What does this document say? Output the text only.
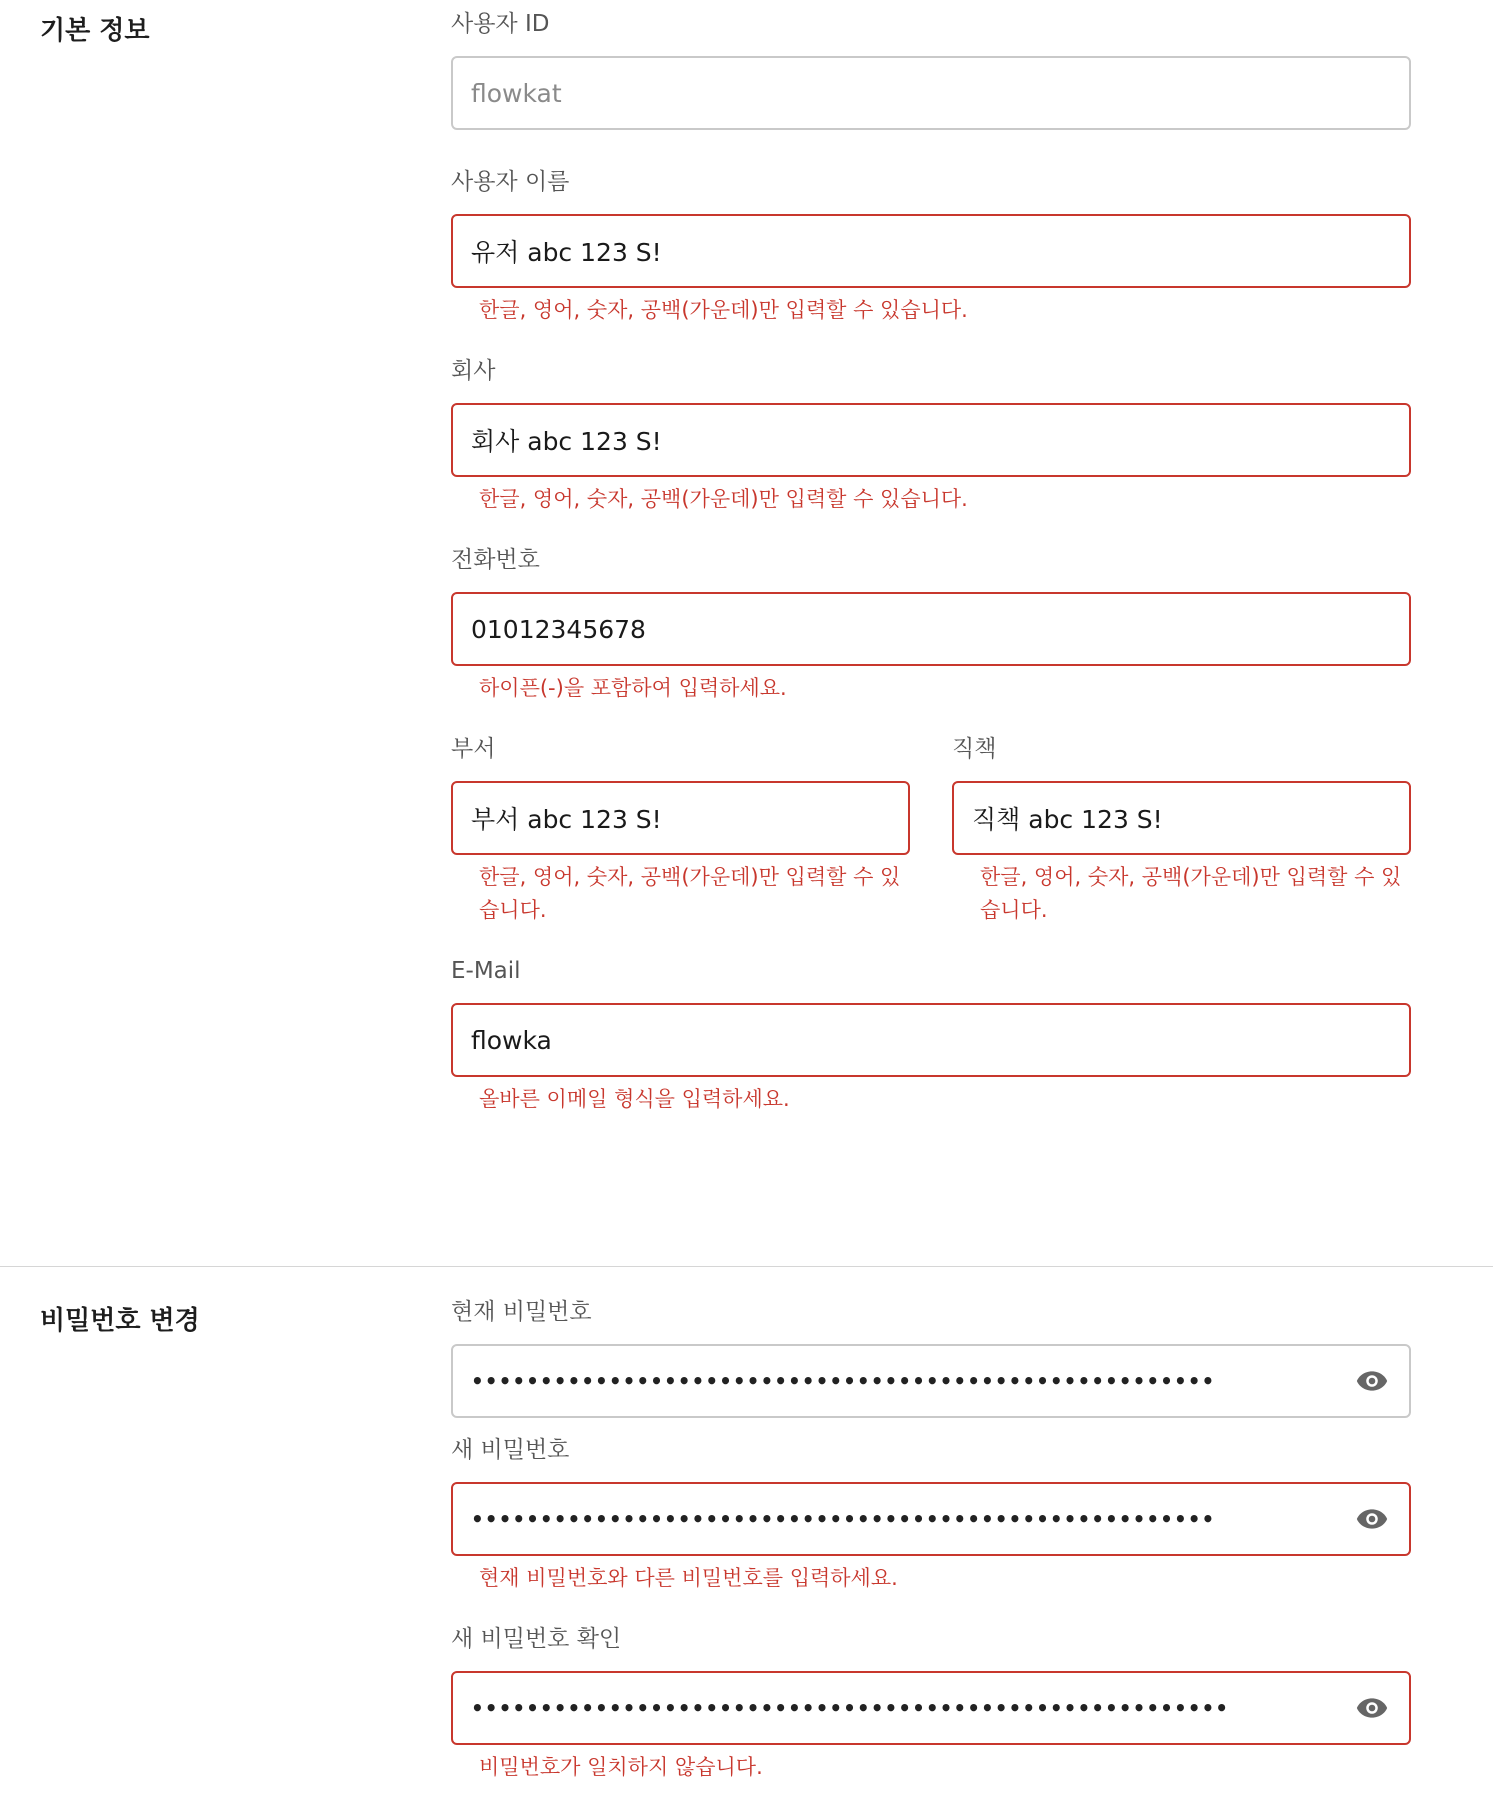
기본 정보	사용자 ID
flowkat
사용자 이름
유저 abc 123 S!
한글, 영어, 숫자, 공백(가운데)만 입력할 수 있습니다.
회사
회사 abc 123 S!
한글, 영어, 숫자, 공백(가운데)만 입력할 수 있습니다.
전화번호
01012345678
하이픈(-)을 포함하여 입력하세요.
부서
부서 abc 123 S!
한글, 영어, 숫자, 공백(가운데)만 입력할 수 있습니다.
직책
직책 abc 123 S!
한글, 영어, 숫자, 공백(가운데)만 입력할 수 있습니다.
E-Mail
flowka
올바른 이메일 형식을 입력하세요.
비밀번호 변경	현재 비밀번호
••••••••••••••••••••••••••••••••••••••••••••••••••••••
새 비밀번호
••••••••••••••••••••••••••••••••••••••••••••••••••••••
현재 비밀번호와 다른 비밀번호를 입력하세요.
새 비밀번호 확인
•••••••••••••••••••••••••••••••••••••••••••••••••••••••
비밀번호가 일치하지 않습니다.
